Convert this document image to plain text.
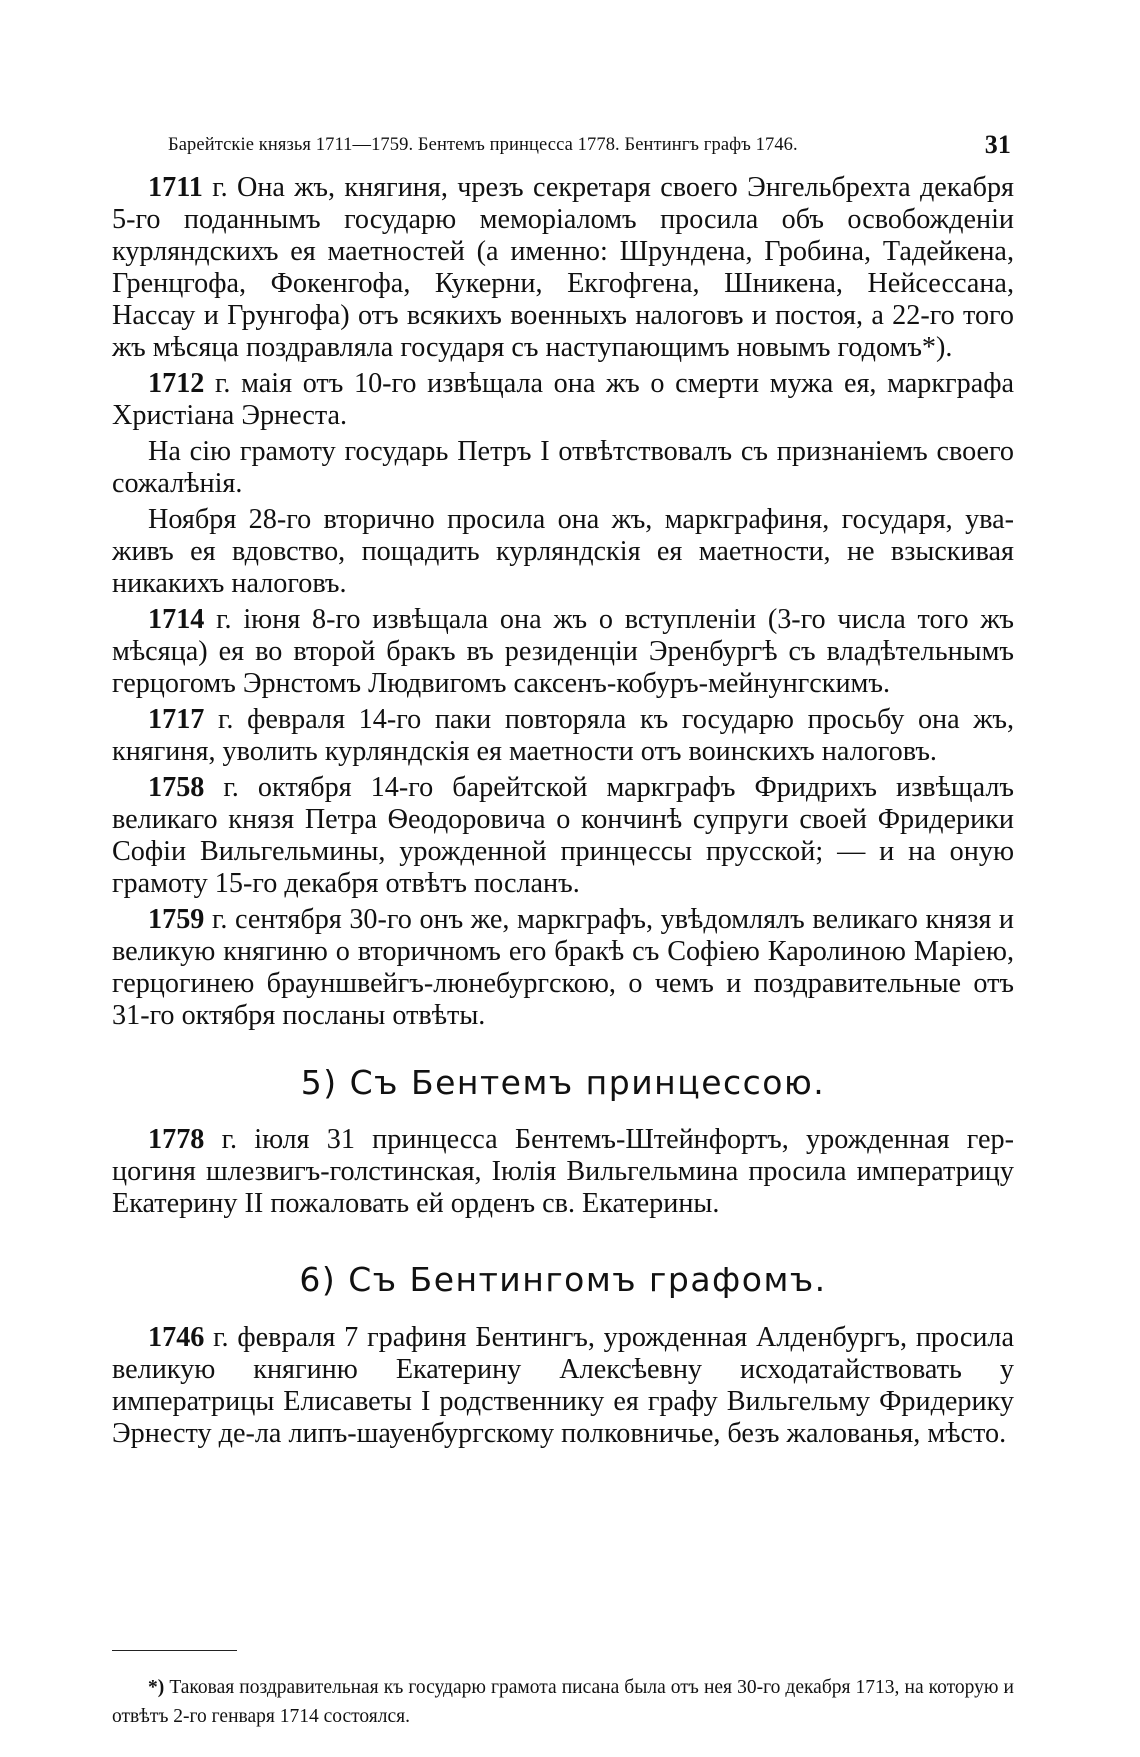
Барейтскіе князья 1711—1759. Бентемъ принцесса 1778. Бентингъ графъ 1746.	31

1711 г. Она жъ, княгиня, чрезъ секретаря своего Энгельбрехта декабря 5-го поданнымъ государю меморіаломъ просила объ освобожденіи курляндскихъ ея маетностей (а именно: Шрундена, Гробина, Тадейкена, Гренцгофа, Фокенгофа, Кукерни, Екгофгена, Шникена, Нейсессана, Нассау и Грунгофа) отъ всякихъ военныхъ налоговъ и постоя, а 22-го того жъ мѣсяца поздравляла государя съ наступающимъ новымъ годомъ*).

1712 г. маія отъ 10-го извѣщала она жъ о смерти мужа ея, маркграфа Христіана Эрнеста.

На сію грамоту государь Петръ I отвѣтствовалъ съ признаніемъ своего сожалѣнія.

Ноября 28-го вторично просила она жъ, маркграфиня, государя, уваживъ ея вдовство, пощадить курляндскія ея маетности, не взыскивая никакихъ налоговъ.

1714 г. іюня 8-го извѣщала она жъ о вступленіи (3-го числа того жъ мѣсяца) ея во второй бракъ въ резиденціи Эренбургѣ съ владѣтельнымъ герцогомъ Эрнстомъ Людвигомъ саксенъ-кобуръ-мейнунгскимъ.

1717 г. февраля 14-го паки повторяла къ государю просьбу она жъ, княгиня, уволить курляндскія ея маетности отъ воинскихъ налоговъ.

1758 г. октября 14-го барейтской маркграфъ Фридрихъ извѣщалъ великаго князя Петра Ѳеодоровича о кончинѣ супруги своей Фридерики Софіи Вильгельмины, урожденной принцессы прусской; — и на оную грамоту 15-го декабря отвѣтъ посланъ.

1759 г. сентября 30-го онъ же, маркграфъ, увѣдомлялъ великаго князя и великую княгиню о вторичномъ его бракѣ съ Софіею Каролиною Маріею, герцогинею брауншвейгъ-люнебургскою, о чемъ и поздравительные отъ 31-го октября посланы отвѣты.

5) Съ Бентемъ принцессою.

1778 г. іюля 31 принцесса Бентемъ-Штейнфортъ, урожденная герцогиня шлезвигъ-голстинская, Іюлія Вильгельмина просила императрицу Екатерину II пожаловать ей орденъ св. Екатерины.

6) Съ Бентингомъ графомъ.

1746 г. февраля 7 графиня Бентингъ, урожденная Алденбургъ, просила великую княгиню Екатерину Алексѣевну исходатайствовать у императрицы Елисаветы I родственнику ея графу Вильгельму Фридерику Эрнесту де-ла липъ-шауенбургскому полковничье, безъ жалованья, мѣсто.

*) Таковая поздравительная къ государю грамота писана была отъ нея 30-го декабря 1713, на которую и отвѣтъ 2-го генваря 1714 состоялся.
